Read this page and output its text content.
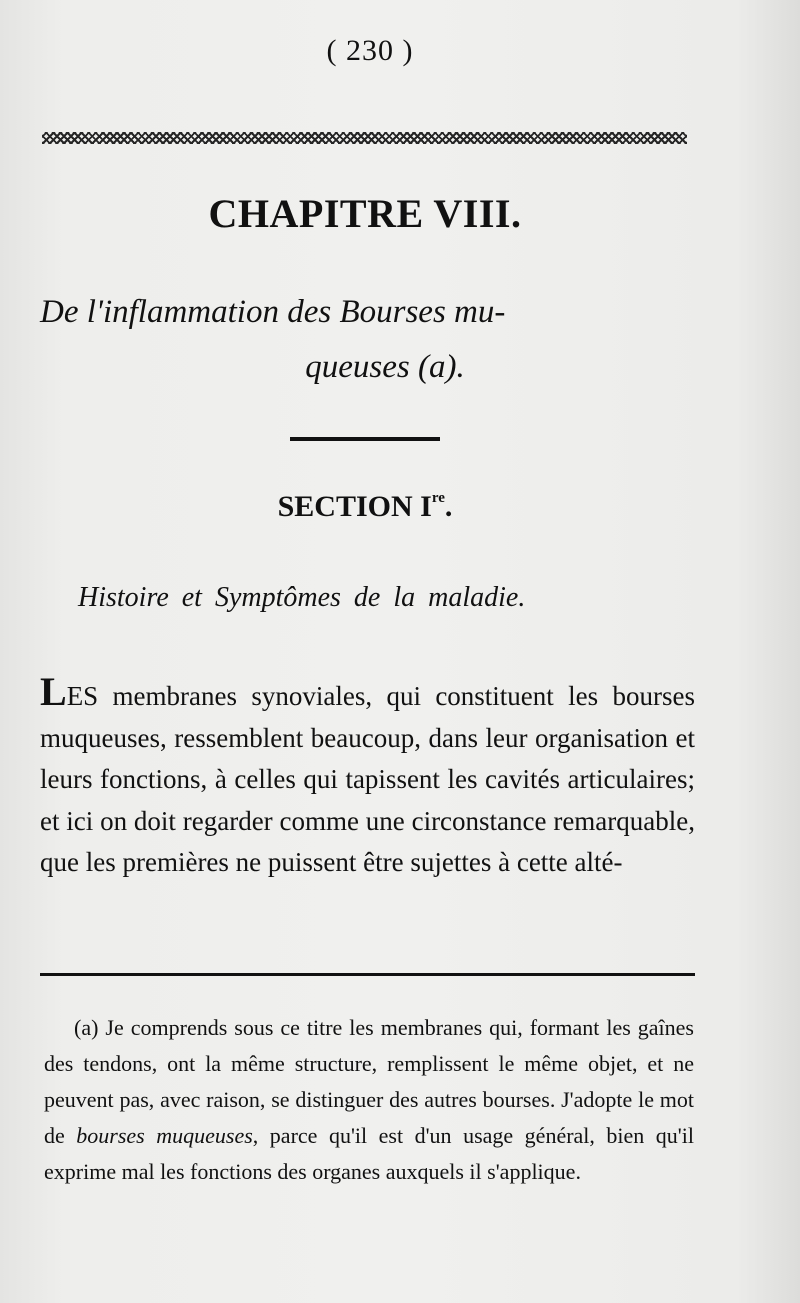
( 230 )
CHAPITRE VIII.
De l'inflammation des Bourses mu-
queuses (a).
SECTION Ire.
Histoire et Symptômes de la maladie.
LES membranes synoviales, qui constituent les bourses muqueuses, ressemblent beaucoup, dans leur organisation et leurs fonctions, à celles qui tapissent les cavités articulaires; et ici on doit regarder comme une circonstance remarquable, que les premières ne puissent être sujettes à cette alté-
(a) Je comprends sous ce titre les membranes qui, formant les gaînes des tendons, ont la même structure, remplissent le même objet, et ne peuvent pas, avec raison, se distinguer des autres bourses. J'adopte le mot de bourses muqueuses, parce qu'il est d'un usage général, bien qu'il exprime mal les fonctions des organes auxquels il s'applique.
